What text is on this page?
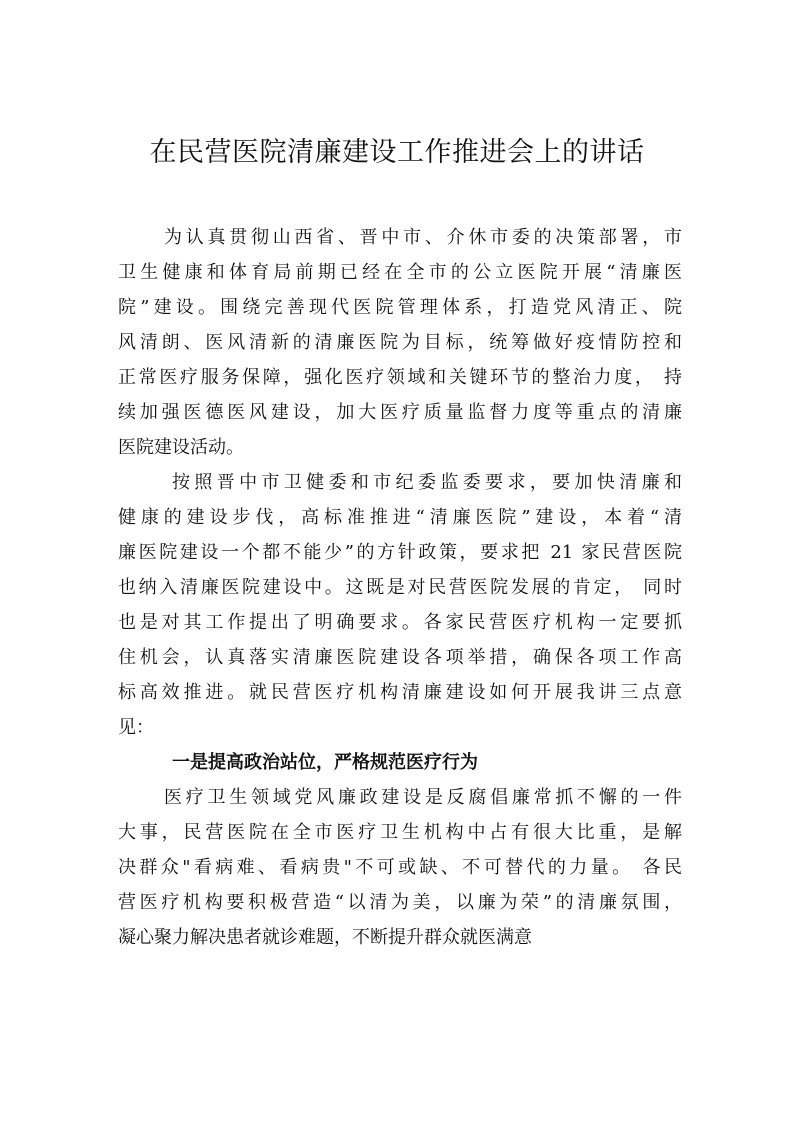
在民营医院清廉建设工作推进会上的讲话
为认真贯彻山西省、晋中市、介休市委的决策部署，市
卫生健康和体育局前期已经在全市的公立医院开展“清廉医
院”建设。围绕完善现代医院管理体系，打造党风清正、院
风清朗、医风清新的清廉医院为目标，统筹做好疫情防控和
正常医疗服务保障，强化医疗领域和关键环节的整治力度， 持
续加强医德医风建设，加大医疗质量监督力度等重点的清廉
医院建设活动。
按照晋中市卫健委和市纪委监委要求，要加快清廉和
健康的建设步伐，高标准推进“清廉医院”建设，本着“清
廉医院建设一个都不能少”的方针政策，要求把 21 家民营医院
也纳入清廉医院建设中。这既是对民营医院发展的肯定， 同时
也是对其工作提出了明确要求。各家民营医疗机构一定要抓
住机会，认真落实清廉医院建设各项举措，确保各项工作高
标高效推进。就民营医疗机构清廉建设如何开展我讲三点意
见：
一是提高政治站位，严格规范医疗行为
医疗卫生领域党风廉政建设是反腐倡廉常抓不懈的一件
大事，民营医院在全市医疗卫生机构中占有很大比重，是解
决群众"看病难、看病贵"不可或缺、不可替代的力量。 各民
营医疗机构要积极营造“以清为美，以廉为荣”的清廉氛围，
凝心聚力解决患者就诊难题，不断提升群众就医满意
